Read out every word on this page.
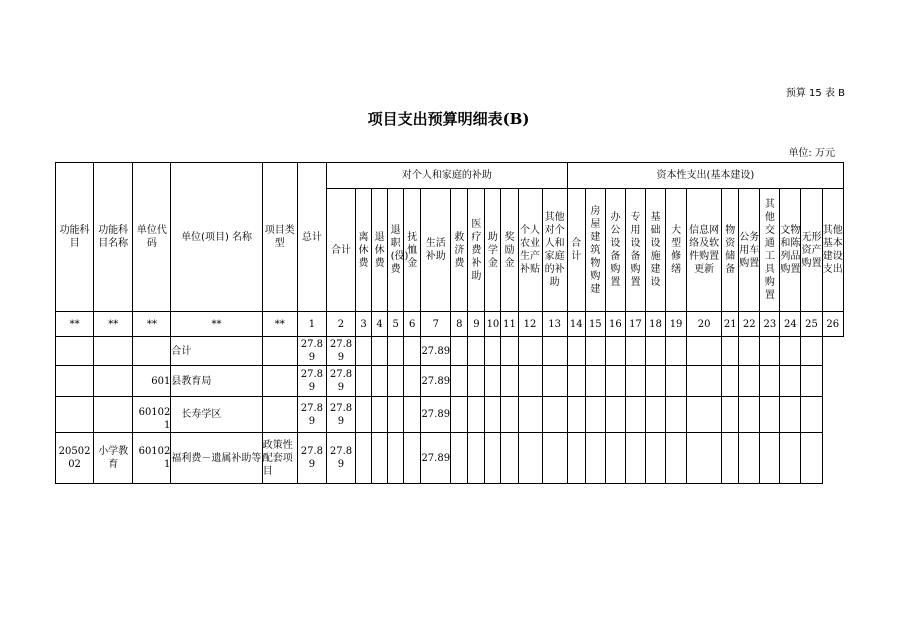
预算 15 表 B
项目支出预算明细表(B)
单位: 万元
功能科目	功能科目名称	单位代码	单位(项目) 名称	项目类型	总计	对个人和家庭的补助												资本性支出(基本建设)												
						合计	离休费	退休费	退职(役)费	抚恤金	生活补助	救济费	医疗费补助	助学金	奖励金	个人农业生产补贴	其他对个人和家庭的补助	合计	房屋建筑物购建	办公设备购置	专用设备购置	基础设施建设	大型修缮	信息网络及软件购置更新	物资储备	公务用车购置	其他交通工具购置	文物和陈列品购置	无形资产购置	其他基本建设支出
**	**	**	**	**	1	2	3	4	5	6	7	8	9	10	11	12	13	14	15	16	17	18	19	20	21	22	23	24	25	26
			合计		27.89	27.89					27.89																			
		601	县教育局		27.89	27.89					27.89																			
		601021	长寿学区		27.89	27.89					27.89																			
2050202	小学教育	601021	福利费－遗属补助等	政策性配套项目	27.89	27.89					27.89																			
